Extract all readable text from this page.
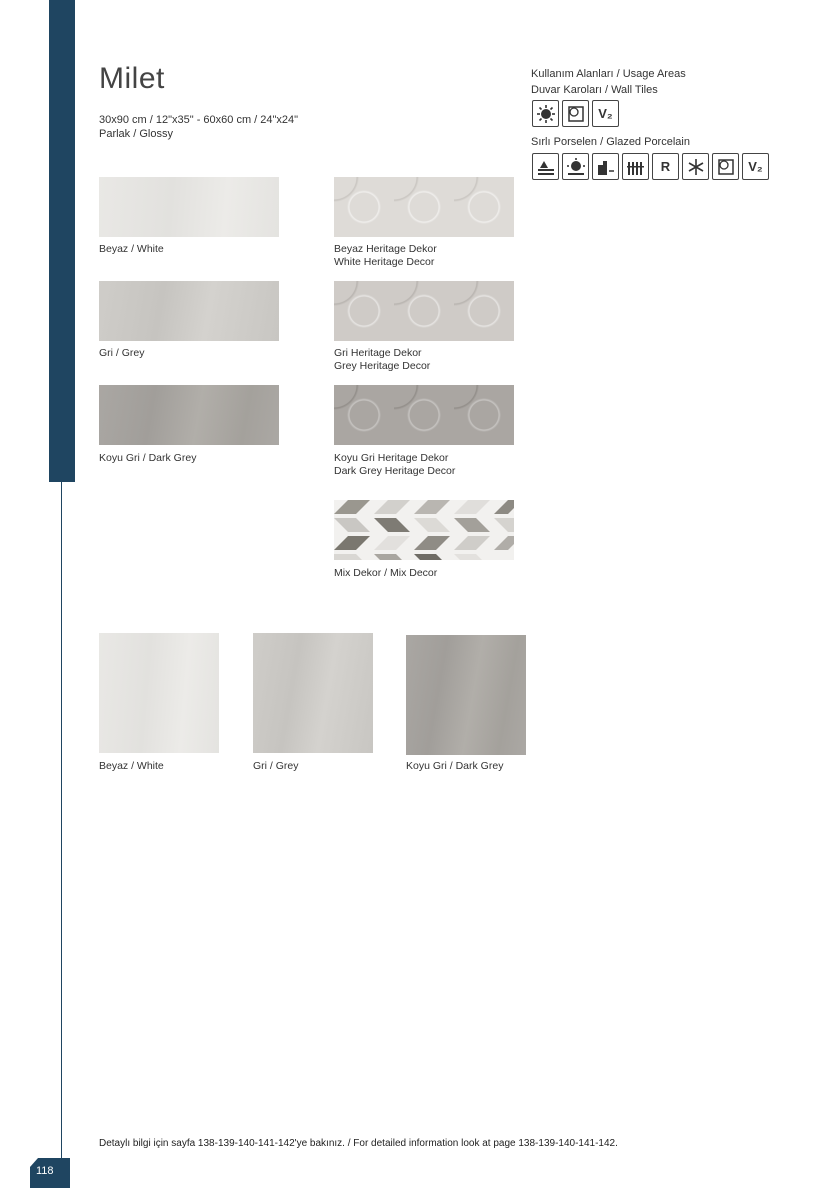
118
Milet
30x90 cm / 12"x35" - 60x60 cm / 24"x24"
Parlak / Glossy
Kullanım Alanları / Usage Areas
Duvar Karoları / Wall Tiles
V₂
Sırlı Porselen / Glazed Porcelain
R	V₂
Beyaz / White
Gri / Grey
Koyu Gri / Dark Grey
Beyaz Heritage Dekor
White Heritage Decor
Gri Heritage Dekor
Grey Heritage Decor
Koyu Gri Heritage Dekor
Dark Grey Heritage Decor
Mix Dekor / Mix Decor
Beyaz / White	Gri / Grey	Koyu Gri / Dark Grey
Detaylı bilgi için sayfa 138-139-140-141-142'ye bakınız. / For detailed information look at page 138-139-140-141-142.
